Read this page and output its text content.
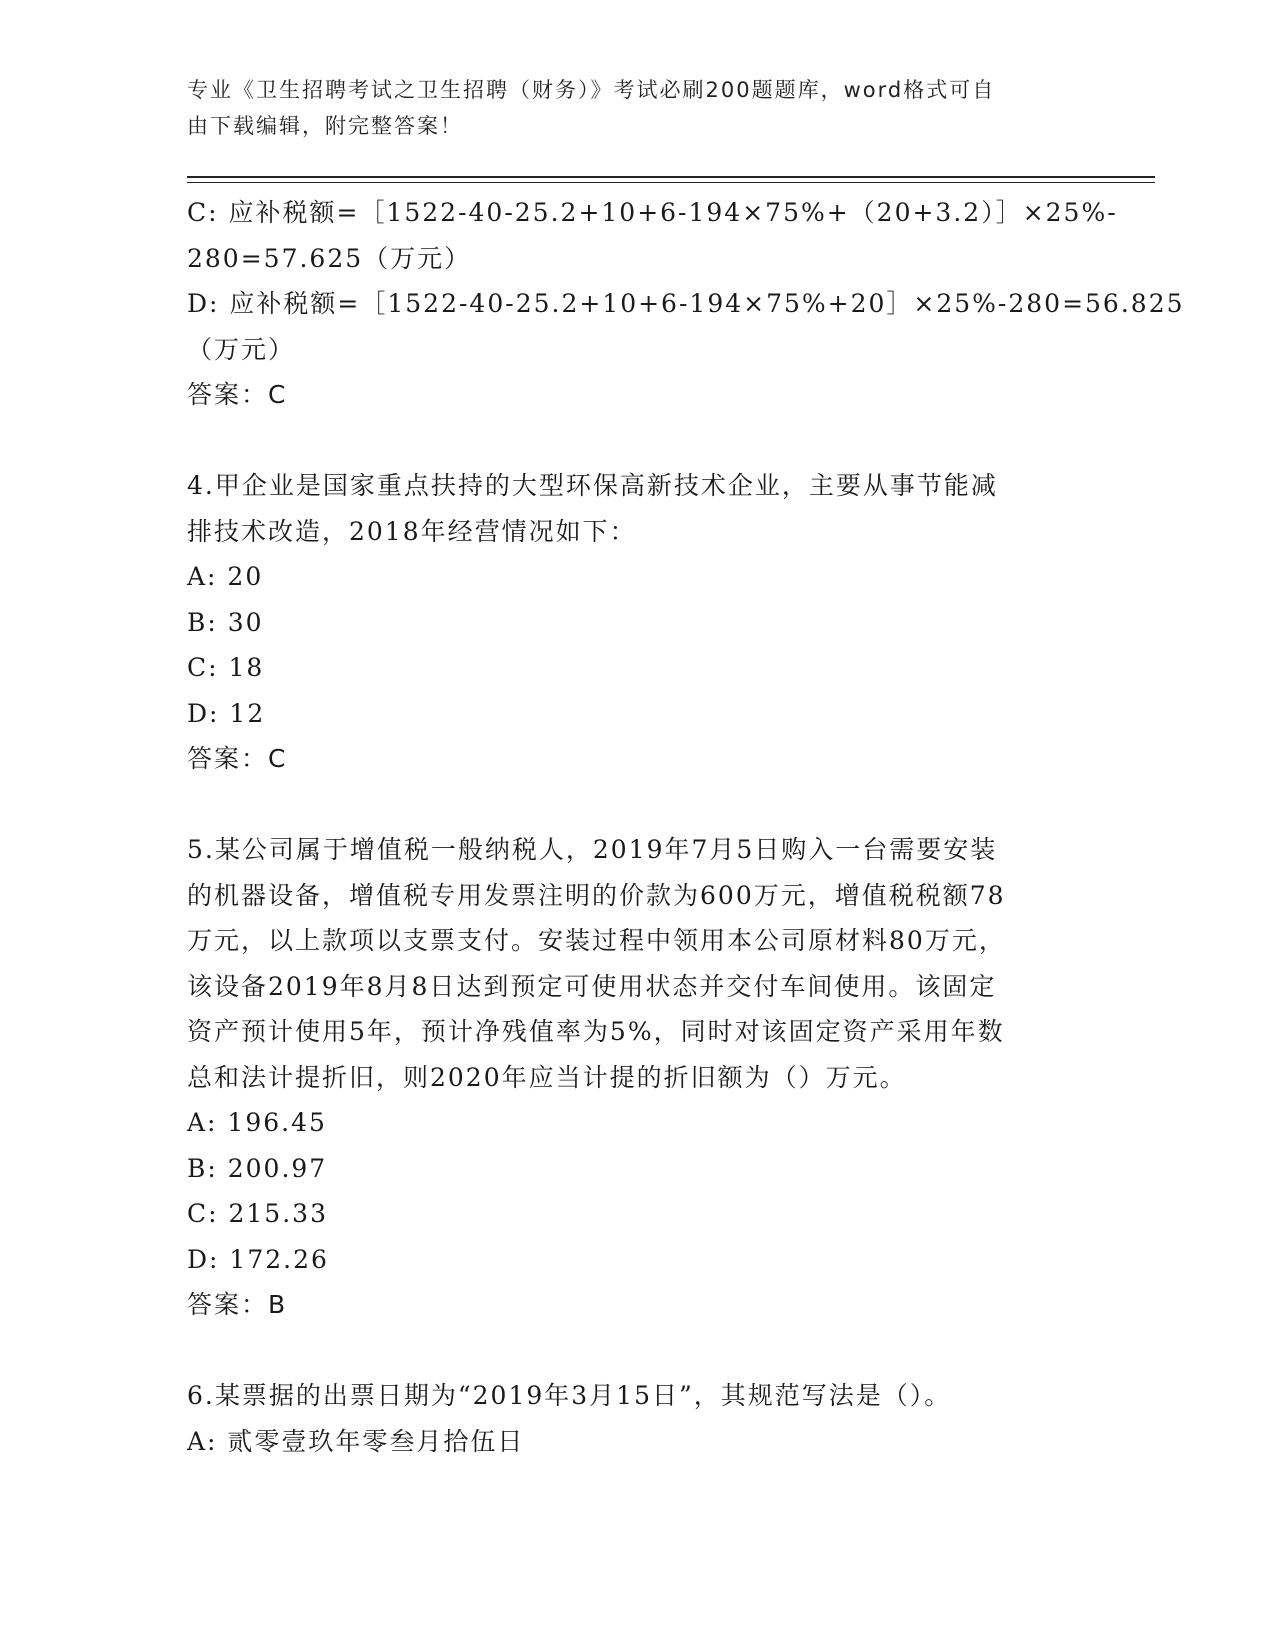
专业《卫生招聘考试之卫生招聘（财务）》考试必刷200题题库，word格式可自
由下载编辑，附完整答案！
C: 应补税额=［1522-40-25.2+10+6-194×75%+（20+3.2）］×25%-
280=57.625（万元）
D: 应补税额=［1522-40-25.2+10+6-194×75%+20］×25%-280=56.825
（万元）
答案：C
4.甲企业是国家重点扶持的大型环保高新技术企业，主要从事节能减
排技术改造，2018年经营情况如下：
A: 20
B: 30
C: 18
D: 12
答案：C
5.某公司属于增值税一般纳税人，2019年7月5日购入一台需要安装
的机器设备，增值税专用发票注明的价款为600万元，增值税税额78
万元，以上款项以支票支付。安装过程中领用本公司原材料80万元，
该设备2019年8月8日达到预定可使用状态并交付车间使用。该固定
资产预计使用5年，预计净残值率为5%，同时对该固定资产采用年数
总和法计提折旧，则2020年应当计提的折旧额为（）万元。
A: 196.45
B: 200.97
C: 215.33
D: 172.26
答案：B
6.某票据的出票日期为“2019年3月15日”，其规范写法是（）。
A: 贰零壹玖年零叁月拾伍日
